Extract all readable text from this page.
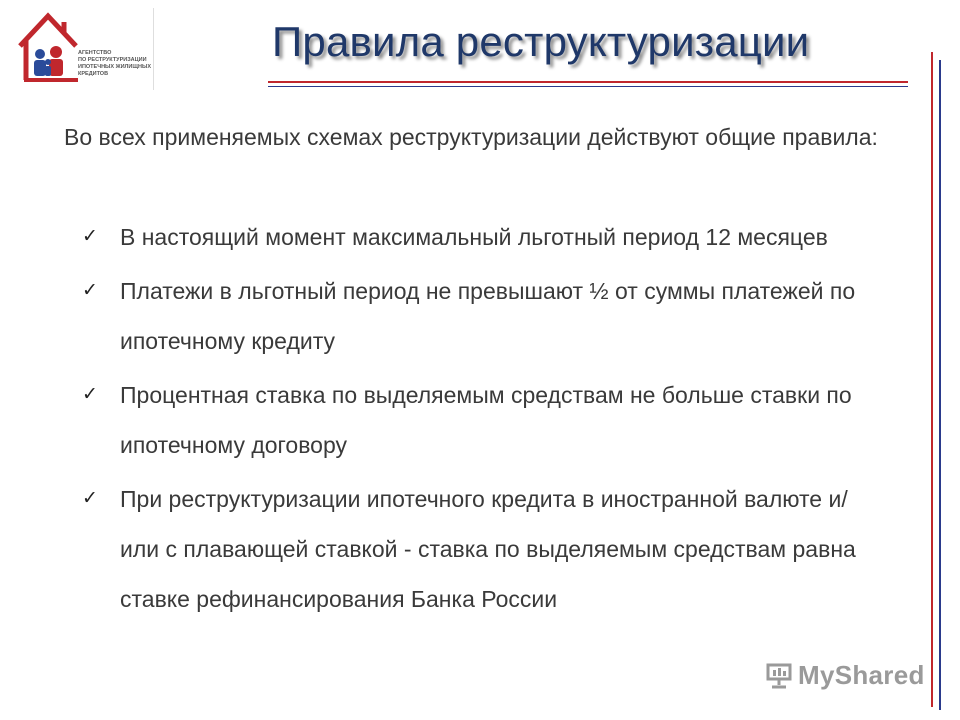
АГЕНТСТВО
ПО РЕСТРУКТУРИЗАЦИИ
ИПОТЕЧНЫХ ЖИЛИЩНЫХ
КРЕДИТОВ
Правила реструктуризации
Во всех применяемых схемах реструктуризации действуют общие правила:
✓ В настоящий момент максимальный льготный период 12 месяцев
✓ Платежи в льготный период не превышают ½ от суммы платежей по ипотечному кредиту
✓ Процентная ставка по выделяемым средствам не больше ставки по ипотечному договору
✓ При реструктуризации ипотечного кредита в иностранной валюте и/или с плавающей ставкой - ставка по выделяемым средствам равна ставке рефинансирования Банка России
MyShared
